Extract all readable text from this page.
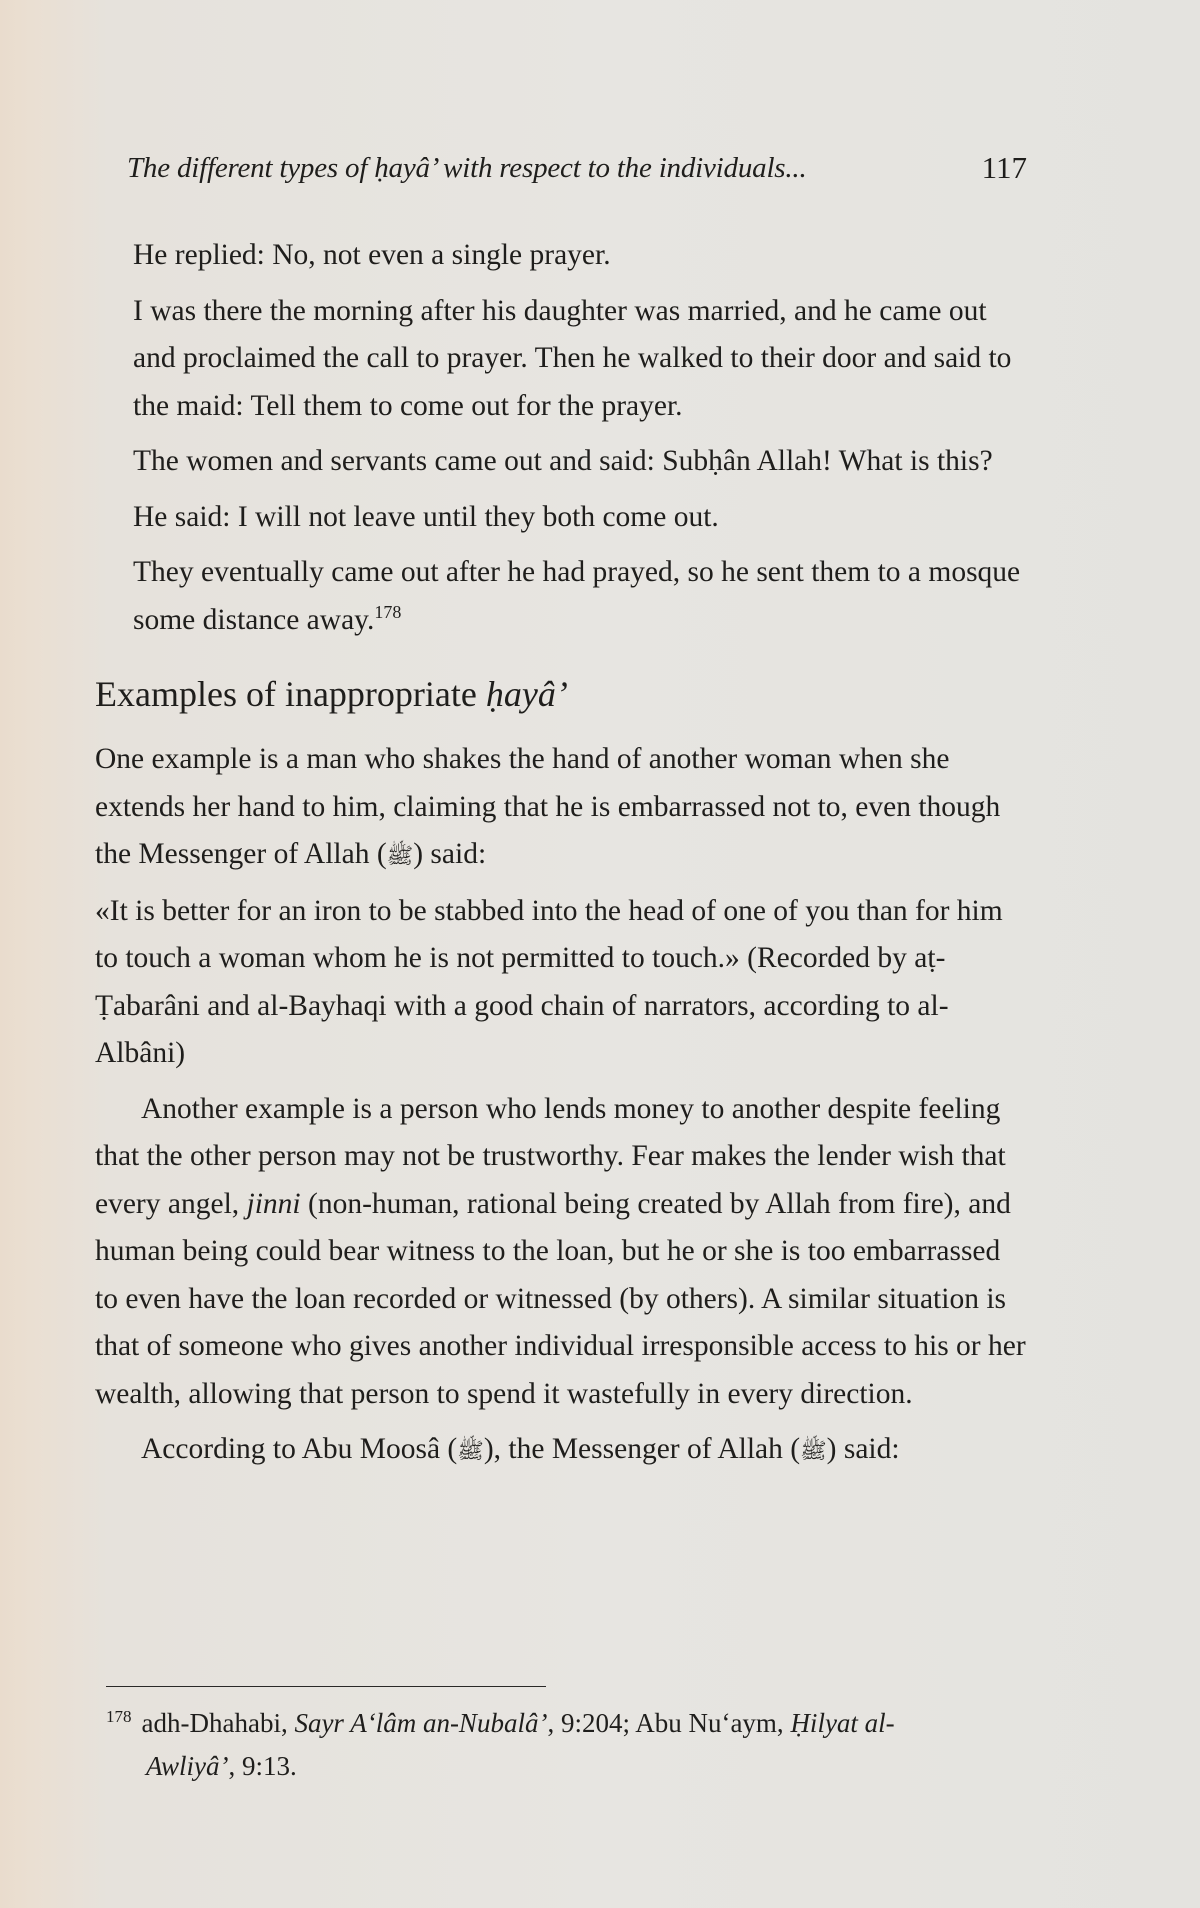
The different types of ḥayâ’ with respect to the individuals...	117

He replied: No, not even a single prayer.

I was there the morning after his daughter was married, and he came out and proclaimed the call to prayer. Then he walked to their door and said to the maid: Tell them to come out for the prayer.

The women and servants came out and said: Subḥân Allah! What is this?

He said: I will not leave until they both come out.

They eventually came out after he had prayed, so he sent them to a mosque some distance away.$^{178}$

Examples of inappropriate ḥayâ’

One example is a man who shakes the hand of another woman when she extends her hand to him, claiming that he is embarrassed not to, even though the Messenger of Allah (ﷺ) said:

«It is better for an iron to be stabbed into the head of one of you than for him to touch a woman whom he is not permitted to touch.» (Recorded by aṭ-Ṭabarâni and al-Bayhaqi with a good chain of narrators, according to al-Albâni)

Another example is a person who lends money to another despite feeling that the other person may not be trustworthy. Fear makes the lender wish that every angel, jinni (non-human, rational being created by Allah from fire), and human being could bear witness to the loan, but he or she is too embarrassed to even have the loan recorded or witnessed (by others). A similar situation is that of someone who gives another individual irresponsible access to his or her wealth, allowing that person to spend it wastefully in every direction.

According to Abu Moosâ (ﷺ), the Messenger of Allah (ﷺ) said:

$^{178}$ adh-Dhahabi, Sayr A‘lâm an-Nubalâ’, 9:204; Abu Nu‘aym, Ḥilyat al-
Awliyâ’, 9:13.
